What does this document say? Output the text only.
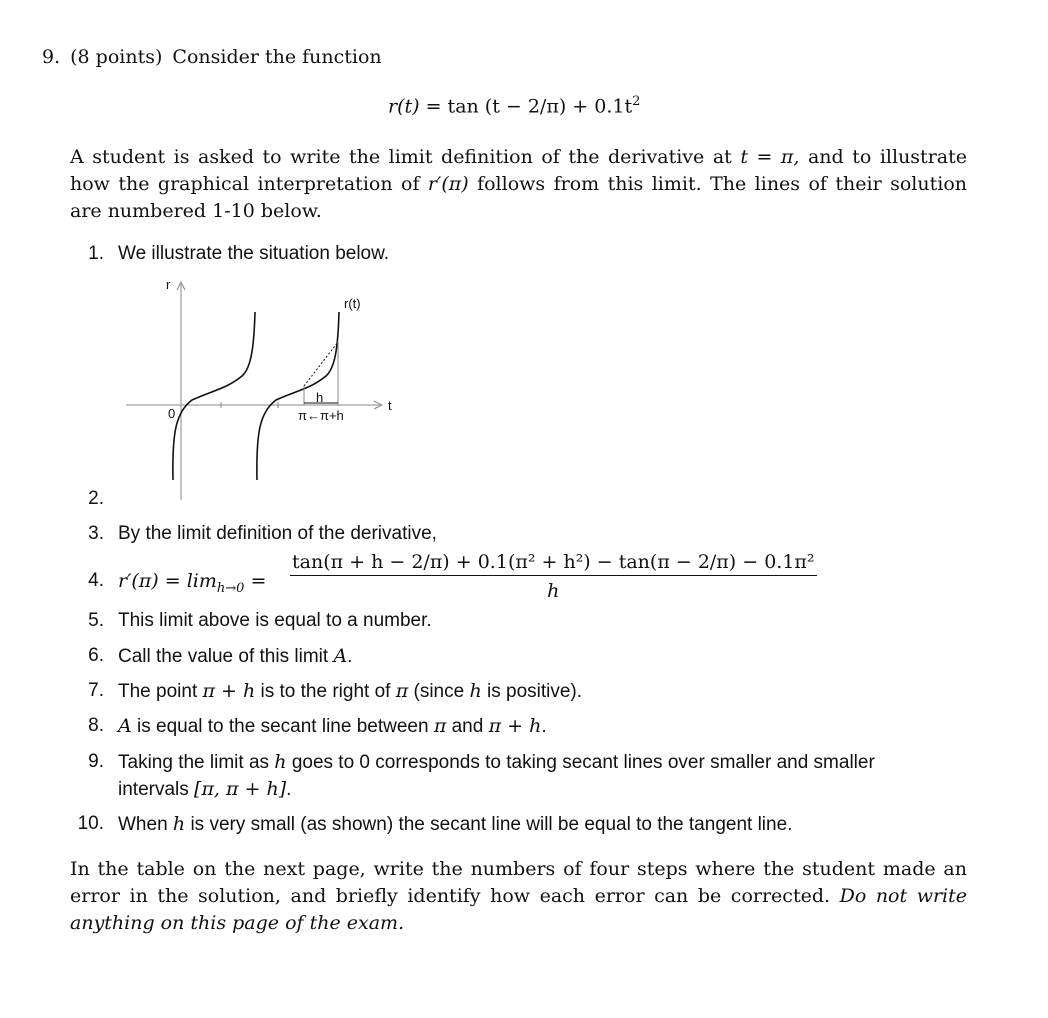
9. (8 points) Consider the function
$r(t) = \tan (t - 2/\pi) + 0.1t^2$
A student is asked to write the limit definition of the derivative at t = π, and to illustrate how the graphical interpretation of r′(π) follows from this limit. The lines of their solution are numbered 1-10 below.
1. We illustrate the situation below.
r
t
0
r(t)
h
π←π+h
2.
3. By the limit definition of the derivative,
4. $r'(\pi) = \lim_{h\to 0} = \frac{\text{tan(π + h − 2/π) + 0.1(π² + h²) − tan(π − 2/π) − 0.1π²}}{h}$
5. This limit above is equal to a number.
6. Call the value of this limit A.
7. The point π + h is to the right of π (since h is positive).
8. A is equal to the secant line between π and π + h.
9. Taking the limit as h goes to 0 corresponds to taking secant lines over smaller and smaller
intervals [π, π + h].
10. When h is very small (as shown) the secant line will be equal to the tangent line.
In the table on the next page, write the numbers of four steps where the student made an error in the solution, and briefly identify how each error can be corrected. Do not write anything on this page of the exam.
